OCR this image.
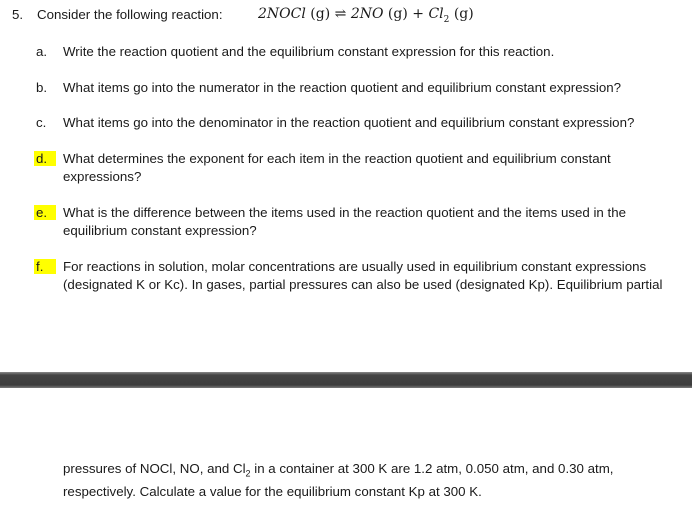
5. Consider the following reaction:	2NOCl (g) ⇌ 2NO $(g) + Cl_2$ (g)
a.	Write the reaction quotient and the equilibrium constant expression for this reaction.
b.	What items go into the numerator in the reaction quotient and equilibrium constant expression?
c.	What items go into the denominator in the reaction quotient and equilibrium constant expression?
d.	What determines the exponent for each item in the reaction quotient and equilibrium constant expressions?
e.	What is the difference between the items used in the reaction quotient and the items used in the equilibrium constant expression?
f.	For reactions in solution, molar concentrations are usually used in equilibrium constant expressions (designated K or Kc). In gases, partial pressures can also be used (designated Kp). Equilibrium partial
pressures of NOCl, NO, and $Cl_2$ in a container at 300 K are 1.2 atm, 0.050 atm, and 0.30 atm, respectively. Calculate a value for the equilibrium constant Kp at 300 K.
